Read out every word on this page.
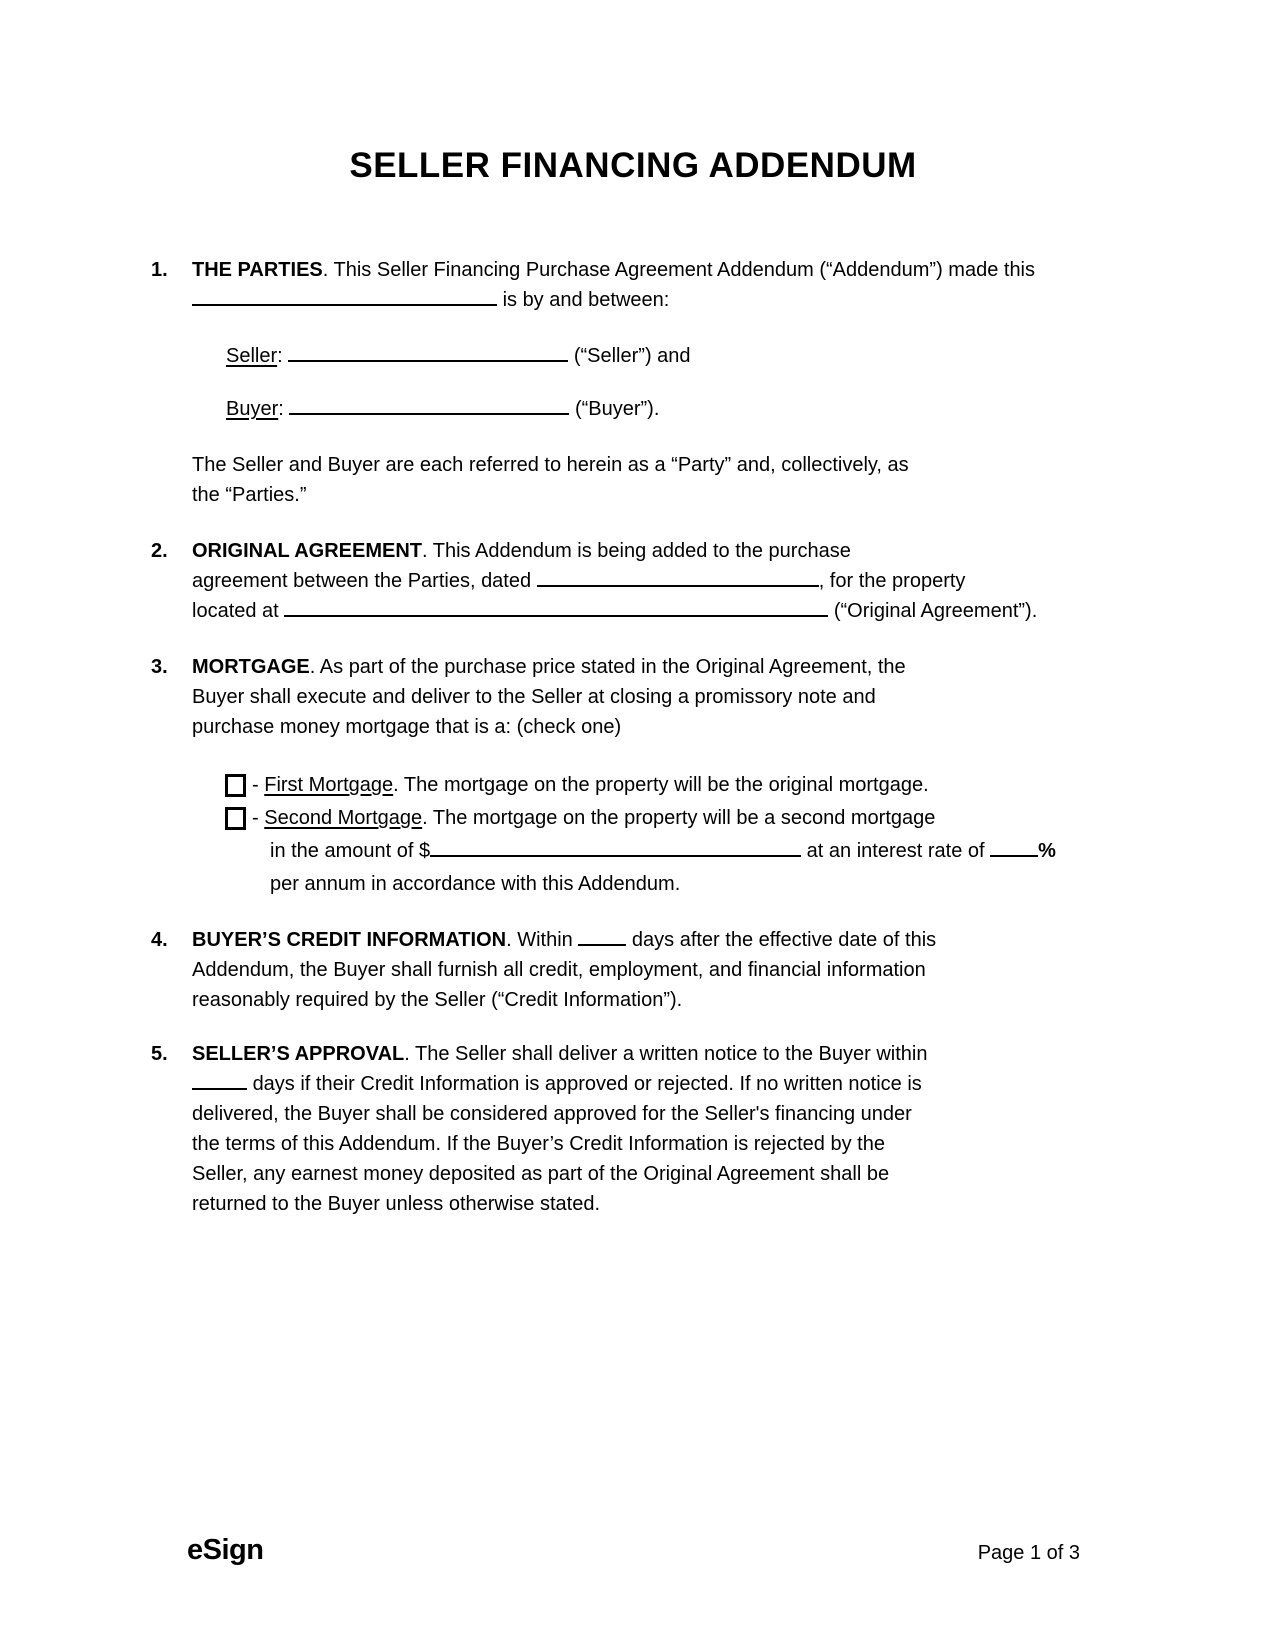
SELLER FINANCING ADDENDUM
1.	THE PARTIES. This Seller Financing Purchase Agreement Addendum (“Addendum”) made this  is by and between:
Seller:	(“Seller”) and
Buyer:	(“Buyer”).
The Seller and Buyer are each referred to herein as a “Party” and, collectively, as
the “Parties.”
2.	ORIGINAL AGREEMENT. This Addendum is being added to the purchase
agreement between the Parties, dated	, for the property
located at	(“Original Agreement”).
3.	MORTGAGE. As part of the purchase price stated in the Original Agreement, the
Buyer shall execute and deliver to the Seller at closing a promissory note and
purchase money mortgage that is a: (check one)
- First Mortgage. The mortgage on the property will be the original mortgage.
- Second Mortgage. The mortgage on the property will be a second mortgage
in the amount of $	at an interest rate of	%
per annum in accordance with this Addendum.
4.	BUYER’S CREDIT INFORMATION. Within	days after the effective date of this
Addendum, the Buyer shall furnish all credit, employment, and financial information
reasonably required by the Seller (“Credit Information”).
5.	SELLER’S APPROVAL. The Seller shall deliver a written notice to the Buyer within
days if their Credit Information is approved or rejected. If no written notice is
delivered, the Buyer shall be considered approved for the Seller's financing under
the terms of this Addendum. If the Buyer’s Credit Information is rejected by the
Seller, any earnest money deposited as part of the Original Agreement shall be
returned to the Buyer unless otherwise stated.
eSign	Page 1 of 3
